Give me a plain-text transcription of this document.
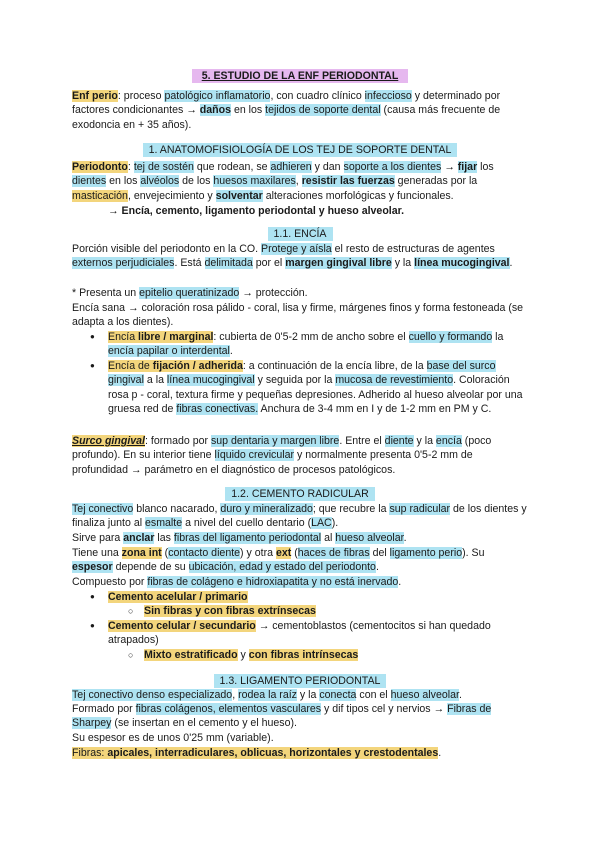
5. ESTUDIO DE LA ENF PERIODONTAL

Enf perio: proceso patológico inflamatorio, con cuadro clínico infeccioso y determinado por factores condicionantes → daños en los tejidos de soporte dental (causa más frecuente de exodoncia en + 35 años).

1. ANATOMOFISIOLOGÍA DE LOS TEJ DE SOPORTE DENTAL

Periodonto: tej de sostén que rodean, se adhieren y dan soporte a los dientes → fijar los dientes en los alvéolos de los huesos maxilares, resistir las fuerzas generadas por la masticación, envejecimiento y solventar alteraciones morfológicas y funcionales.

→ Encía, cemento, ligamento periodontal y hueso alveolar.

1.1. ENCÍA

Porción visible del periodonto en la CO. Protege y aísla el resto de estructuras de agentes externos perjudiciales. Está delimitada por el margen gingival libre y la línea mucogingival.

* Presenta un epitelio queratinizado → protección.

Encía sana → coloración rosa pálido - coral, lisa y firme, márgenes finos y forma festoneada (se adapta a los dientes).

● Encía libre / marginal: cubierta de 0'5-2 mm de ancho sobre el cuello y formando la encía papilar o interdental.
● Encía de fijación / adherida: a continuación de la encía libre, de la base del surco gingival a la línea mucogingival y seguida por la mucosa de revestimiento. Coloración rosa p - coral, textura firme y pequeñas depresiones. Adherido al hueso alveolar por una gruesa red de fibras conectivas. Anchura de 3-4 mm en I y de 1-2 mm en PM y C.

Surco gingival: formado por sup dentaria y margen libre. Entre el diente y la encía (poco profundo). En su interior tiene líquido crevicular y normalmente presenta 0'5-2 mm de profundidad → parámetro en el diagnóstico de procesos patológicos.

1.2. CEMENTO RADICULAR

Tej conectivo blanco nacarado, duro y mineralizado; que recubre la sup radicular de los dientes y finaliza junto al esmalte a nivel del cuello dentario (LAC).

Sirve para anclar las fibras del ligamento periodontal al hueso alveolar.

Tiene una zona int (contacto diente) y otra ext (haces de fibras del ligamento perio). Su espesor depende de su ubicación, edad y estado del periodonto.

Compuesto por fibras de colágeno e hidroxiapatita y no está inervado.

● Cemento acelular / primario
○ Sin fibras y con fibras extrínsecas
● Cemento celular / secundario → cementoblastos (cementocitos si han quedado atrapados)
○ Mixto estratificado y con fibras intrínsecas
1.3. LIGAMENTO PERIODONTAL

Tej conectivo denso especializado, rodea la raíz y la conecta con el hueso alveolar.

Formado por fibras colágenos, elementos vasculares y dif tipos cel y nervios → Fibras de Sharpey (se insertan en el cemento y el hueso).

Su espesor es de unos 0'25 mm (variable).

Fibras: apicales, interradiculares, oblicuas, horizontales y crestodentales.
